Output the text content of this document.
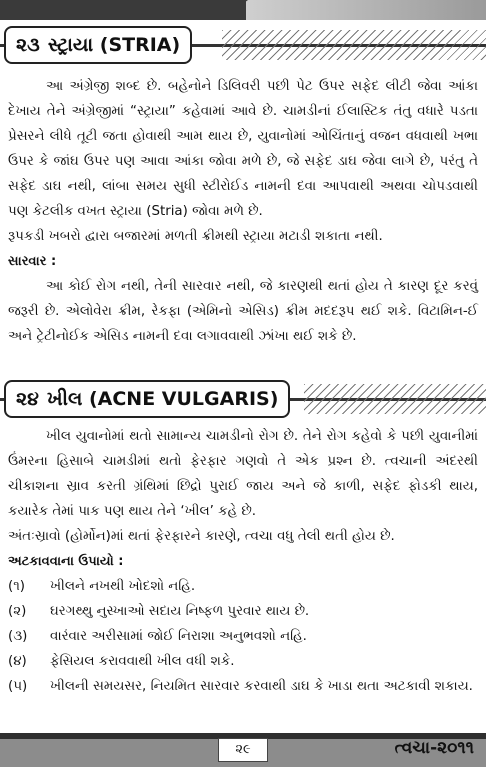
૨૩ સ્ટ્રાયા (STRIA)

આ અંગ્રેજી શબ્દ છે. બહેનોને ડિલિવરી પછી પેટ ઉપર સફેદ લીટી જેવા આંકા દેખાય તેને અંગ્રેજીમાં “સ્ટ્રાયા” કહેવામાં આવે છે. ચામડીનાં ઈલાસ્ટિક તંતુ વધારે પડતા પ્રેસરને લીધે તૂટી જતા હોવાથી આમ થાય છે, યુવાનોમાં ઓચિંતાનું વજન વધવાથી ખભા ઉપર કે જાંઘ ઉપર પણ આવા આંકા જોવા મળે છે, જે સફેદ ડાઘ જેવા લાગે છે, પરંતુ તે સફેદ ડાઘ નથી, લાંબા સમય સુધી સ્ટીરોઈડ નામની દવા આપવાથી અથવા ચોપડવાથી પણ કેટલીક વખત સ્ટ્રાયા (Stria) જોવા મળે છે.

રૂપકડી ખબરો દ્વારા બજારમાં મળતી ક્રીમથી સ્ટ્રાયા મટાડી શકાતા નથી.

સારવાર :

આ કોઈ રોગ નથી, તેની સારવાર નથી, જે કારણથી થતાં હોય તે કારણ દૂર કરવું જરૂરી છે. એલોવેરા ક્રીમ, રેકફા (એમિનો એસિડ) ક્રીમ મદદરૂપ થઈ શકે. વિટામિન-ઈ અને ટ્રેટીનોઈક એસિડ નામની દવા લગાવવાથી ઝાંખા થઈ શકે છે.

૨૪ ખીલ (ACNE VULGARIS)

ખીલ યુવાનોમાં થતો સામાન્ય ચામડીનો રોગ છે. તેને રોગ કહેવો કે પછી યુવાનીમાં ઉંમરના હિસાબે ચામડીમાં થતો ફેરફાર ગણવો તે એક પ્રશ્ન છે. ત્વચાની અંદરથી ચીકાશના સ્રાવ કરતી ગ્રંથિમાં છિદ્રો પુરાઈ જાય અને જે કાળી, સફેદ ફોડકી થાય, કયારેક તેમાં પાક પણ થાય તેને ‘ખીલ’ કહે છે.

અંતઃસ્રાવો (હોર્મોન)માં થતાં ફેરફારને કારણે, ત્વચા વધુ તેલી થતી હોય છે.

અટકાવવાના ઉપાયો :

(૧)	ખીલને નખથી ખોદશો નહિ.
(૨)	ઘરગથ્થુ નુસ્ખાઓ સદાય નિષ્ફળ પુરવાર થાય છે.
(૩)	વારંવાર અરીસામાં જોઈ નિરાશા અનુભવશો નહિ.
(૪)	ફેસિયલ કરાવવાથી ખીલ વધી શકે.
(૫)	ખીલની સમયસર, નિયમિત સારવાર કરવાથી ડાઘ કે ખાડા થતા અટકાવી શકાય.
૨૯	ત્વચા-૨૦૧૧
